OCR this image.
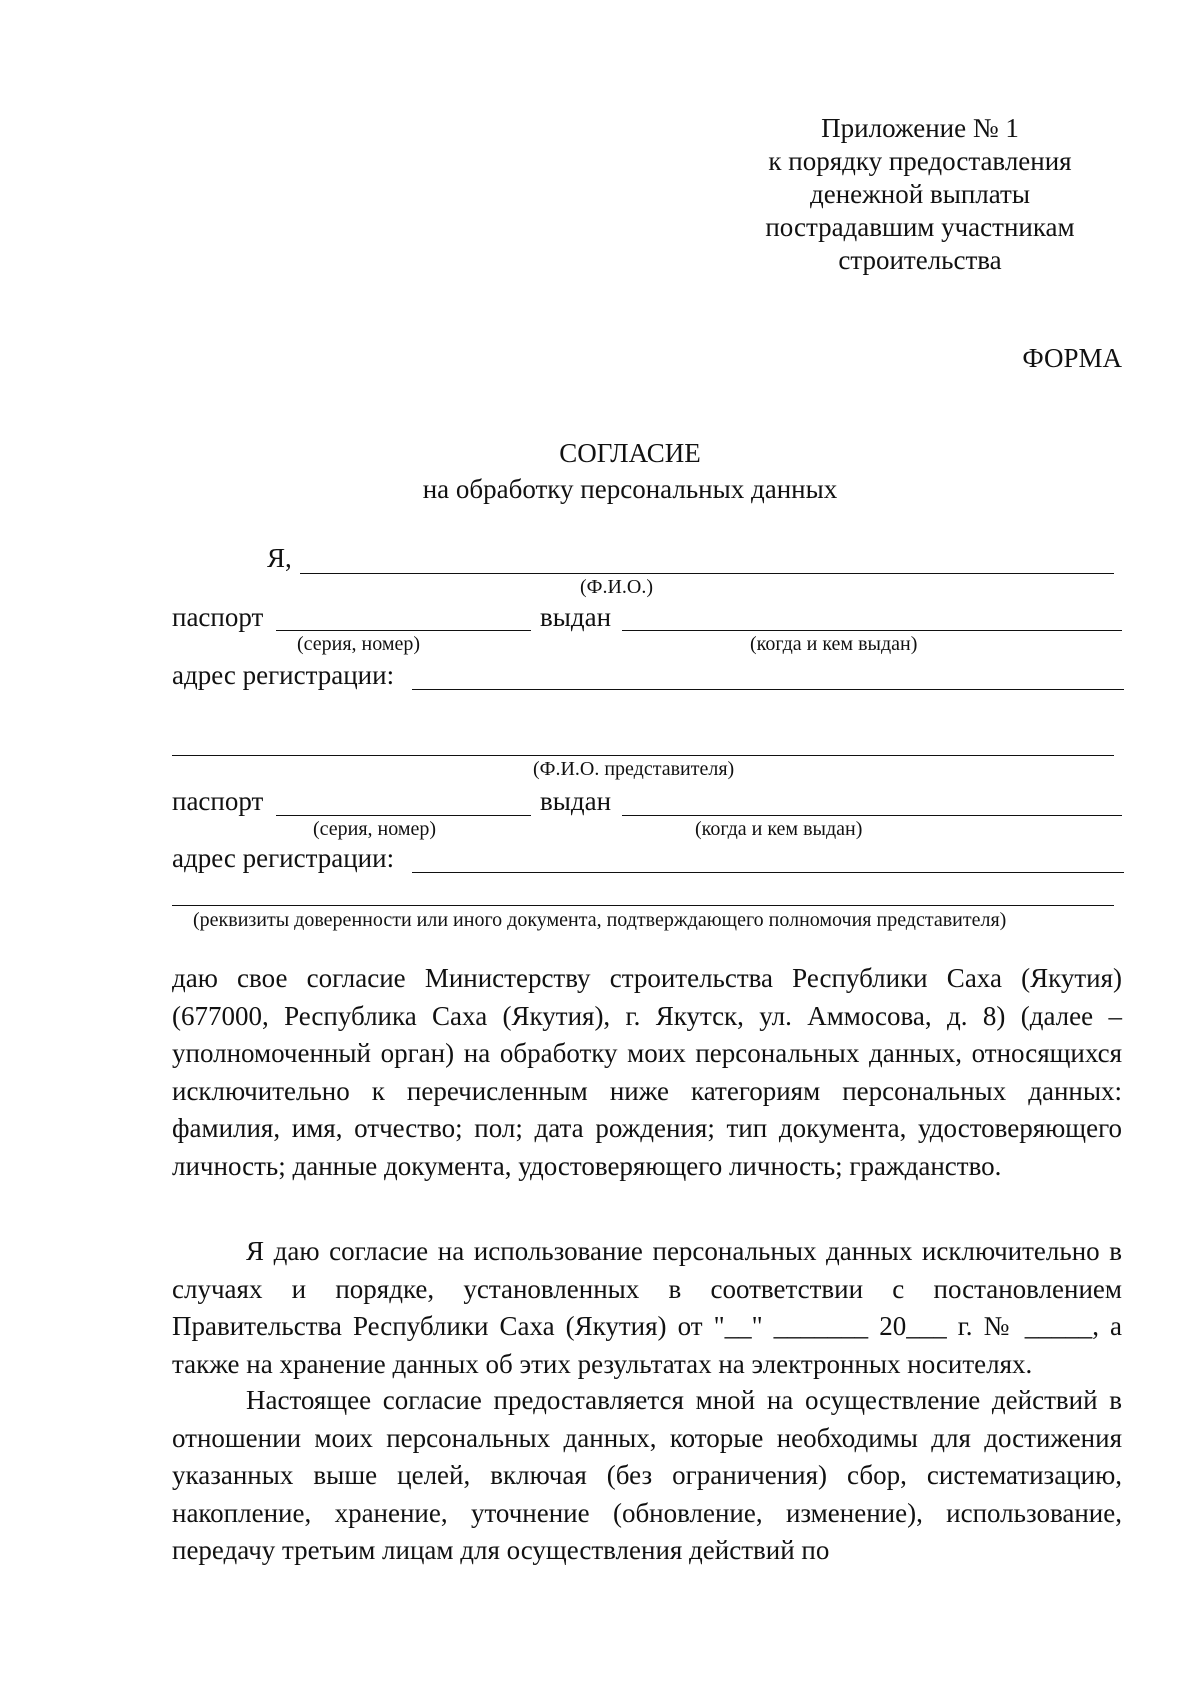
Приложение № 1
к порядку предоставления
денежной выплаты
пострадавшим участникам
строительства
ФОРМА
СОГЛАСИЕ
на обработку персональных данных
Я,
(Ф.И.О.)
паспорт	выдан
(серия, номер)	(когда и кем выдан)
адрес регистрации:
(Ф.И.О. представителя)
паспорт	выдан
(серия, номер)	(когда и кем выдан)
адрес регистрации:
(реквизиты доверенности или иного документа, подтверждающего полномочия представителя)

даю свое согласие Министерству строительства Республики Саха (Якутия) (677000, Республика Саха (Якутия), г. Якутск, ул. Аммосова, д. 8) (далее – уполномоченный орган) на обработку моих персональных данных, относящихся исключительно к перечисленным ниже категориям персональных данных: фамилия, имя, отчество; пол; дата рождения; тип документа, удостоверяющего личность; данные документа, удостоверяющего личность; гражданство.

Я даю согласие на использование персональных данных исключительно в случаях и порядке, установленных в соответствии с постановлением Правительства Республики Саха (Якутия) от "__" _______ 20___ г. № _____, а также на хранение данных об этих результатах на электронных носителях.

Настоящее согласие предоставляется мной на осуществление действий в отношении моих персональных данных, которые необходимы для достижения указанных выше целей, включая (без ограничения) сбор, систематизацию, накопление, хранение, уточнение (обновление, изменение), использование, передачу третьим лицам для осуществления действий по
